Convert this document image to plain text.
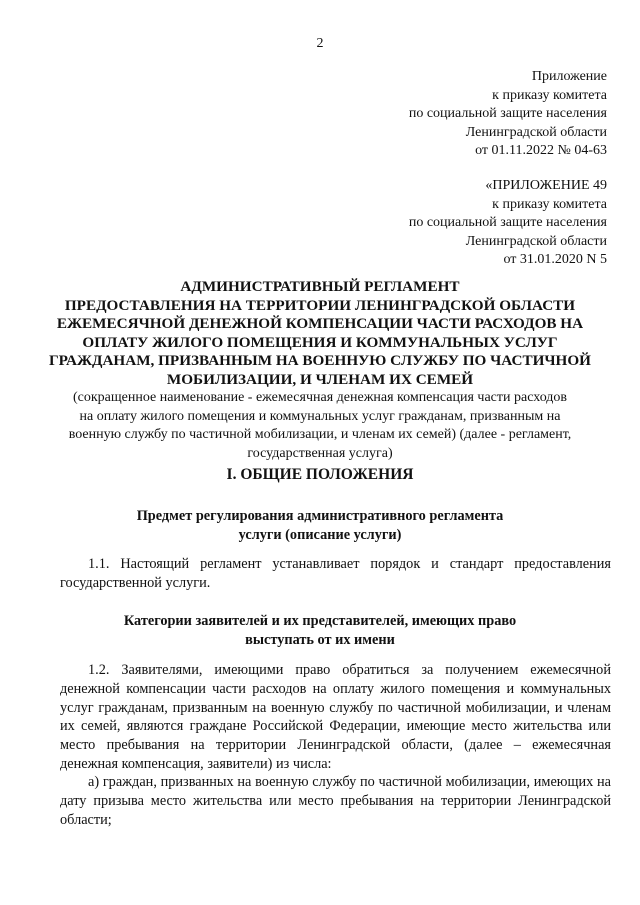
2
Приложение
к приказу комитета
по социальной защите населения
Ленинградской области
от 01.11.2022 № 04-63
«ПРИЛОЖЕНИЕ 49
к приказу комитета
по социальной защите населения
Ленинградской области
от 31.01.2020 N 5
АДМИНИСТРАТИВНЫЙ РЕГЛАМЕНТ
ПРЕДОСТАВЛЕНИЯ НА ТЕРРИТОРИИ ЛЕНИНГРАДСКОЙ ОБЛАСТИ
ЕЖЕМЕСЯЧНОЙ ДЕНЕЖНОЙ КОМПЕНСАЦИИ ЧАСТИ РАСХОДОВ НА
ОПЛАТУ ЖИЛОГО ПОМЕЩЕНИЯ И КОММУНАЛЬНЫХ УСЛУГ
ГРАЖДАНАМ, ПРИЗВАННЫМ НА ВОЕННУЮ СЛУЖБУ ПО ЧАСТИЧНОЙ
МОБИЛИЗАЦИИ, И ЧЛЕНАМ ИХ СЕМЕЙ
(сокращенное наименование - ежемесячная денежная компенсация части расходов
на оплату жилого помещения и коммунальных услуг гражданам, призванным на
военную службу по частичной мобилизации, и членам их семей) (далее - регламент,
государственная услуга)
I. ОБЩИЕ ПОЛОЖЕНИЯ
Предмет регулирования административного регламента
услуги (описание услуги)
1.1. Настоящий регламент устанавливает порядок и стандарт предоставления государственной услуги.
Категории заявителей и их представителей, имеющих право
выступать от их имени
1.2. Заявителями, имеющими право обратиться за получением ежемесячной денежной компенсации части расходов на оплату жилого помещения и коммунальных услуг гражданам, призванным на военную службу по частичной мобилизации, и членам их семей, являются граждане Российской Федерации, имеющие место жительства или место пребывания на территории Ленинградской области, (далее – ежемесячная денежная компенсация, заявители) из числа:
а) граждан, призванных на военную службу по частичной мобилизации, имеющих на дату призыва место жительства или место пребывания на территории Ленинградской области;
